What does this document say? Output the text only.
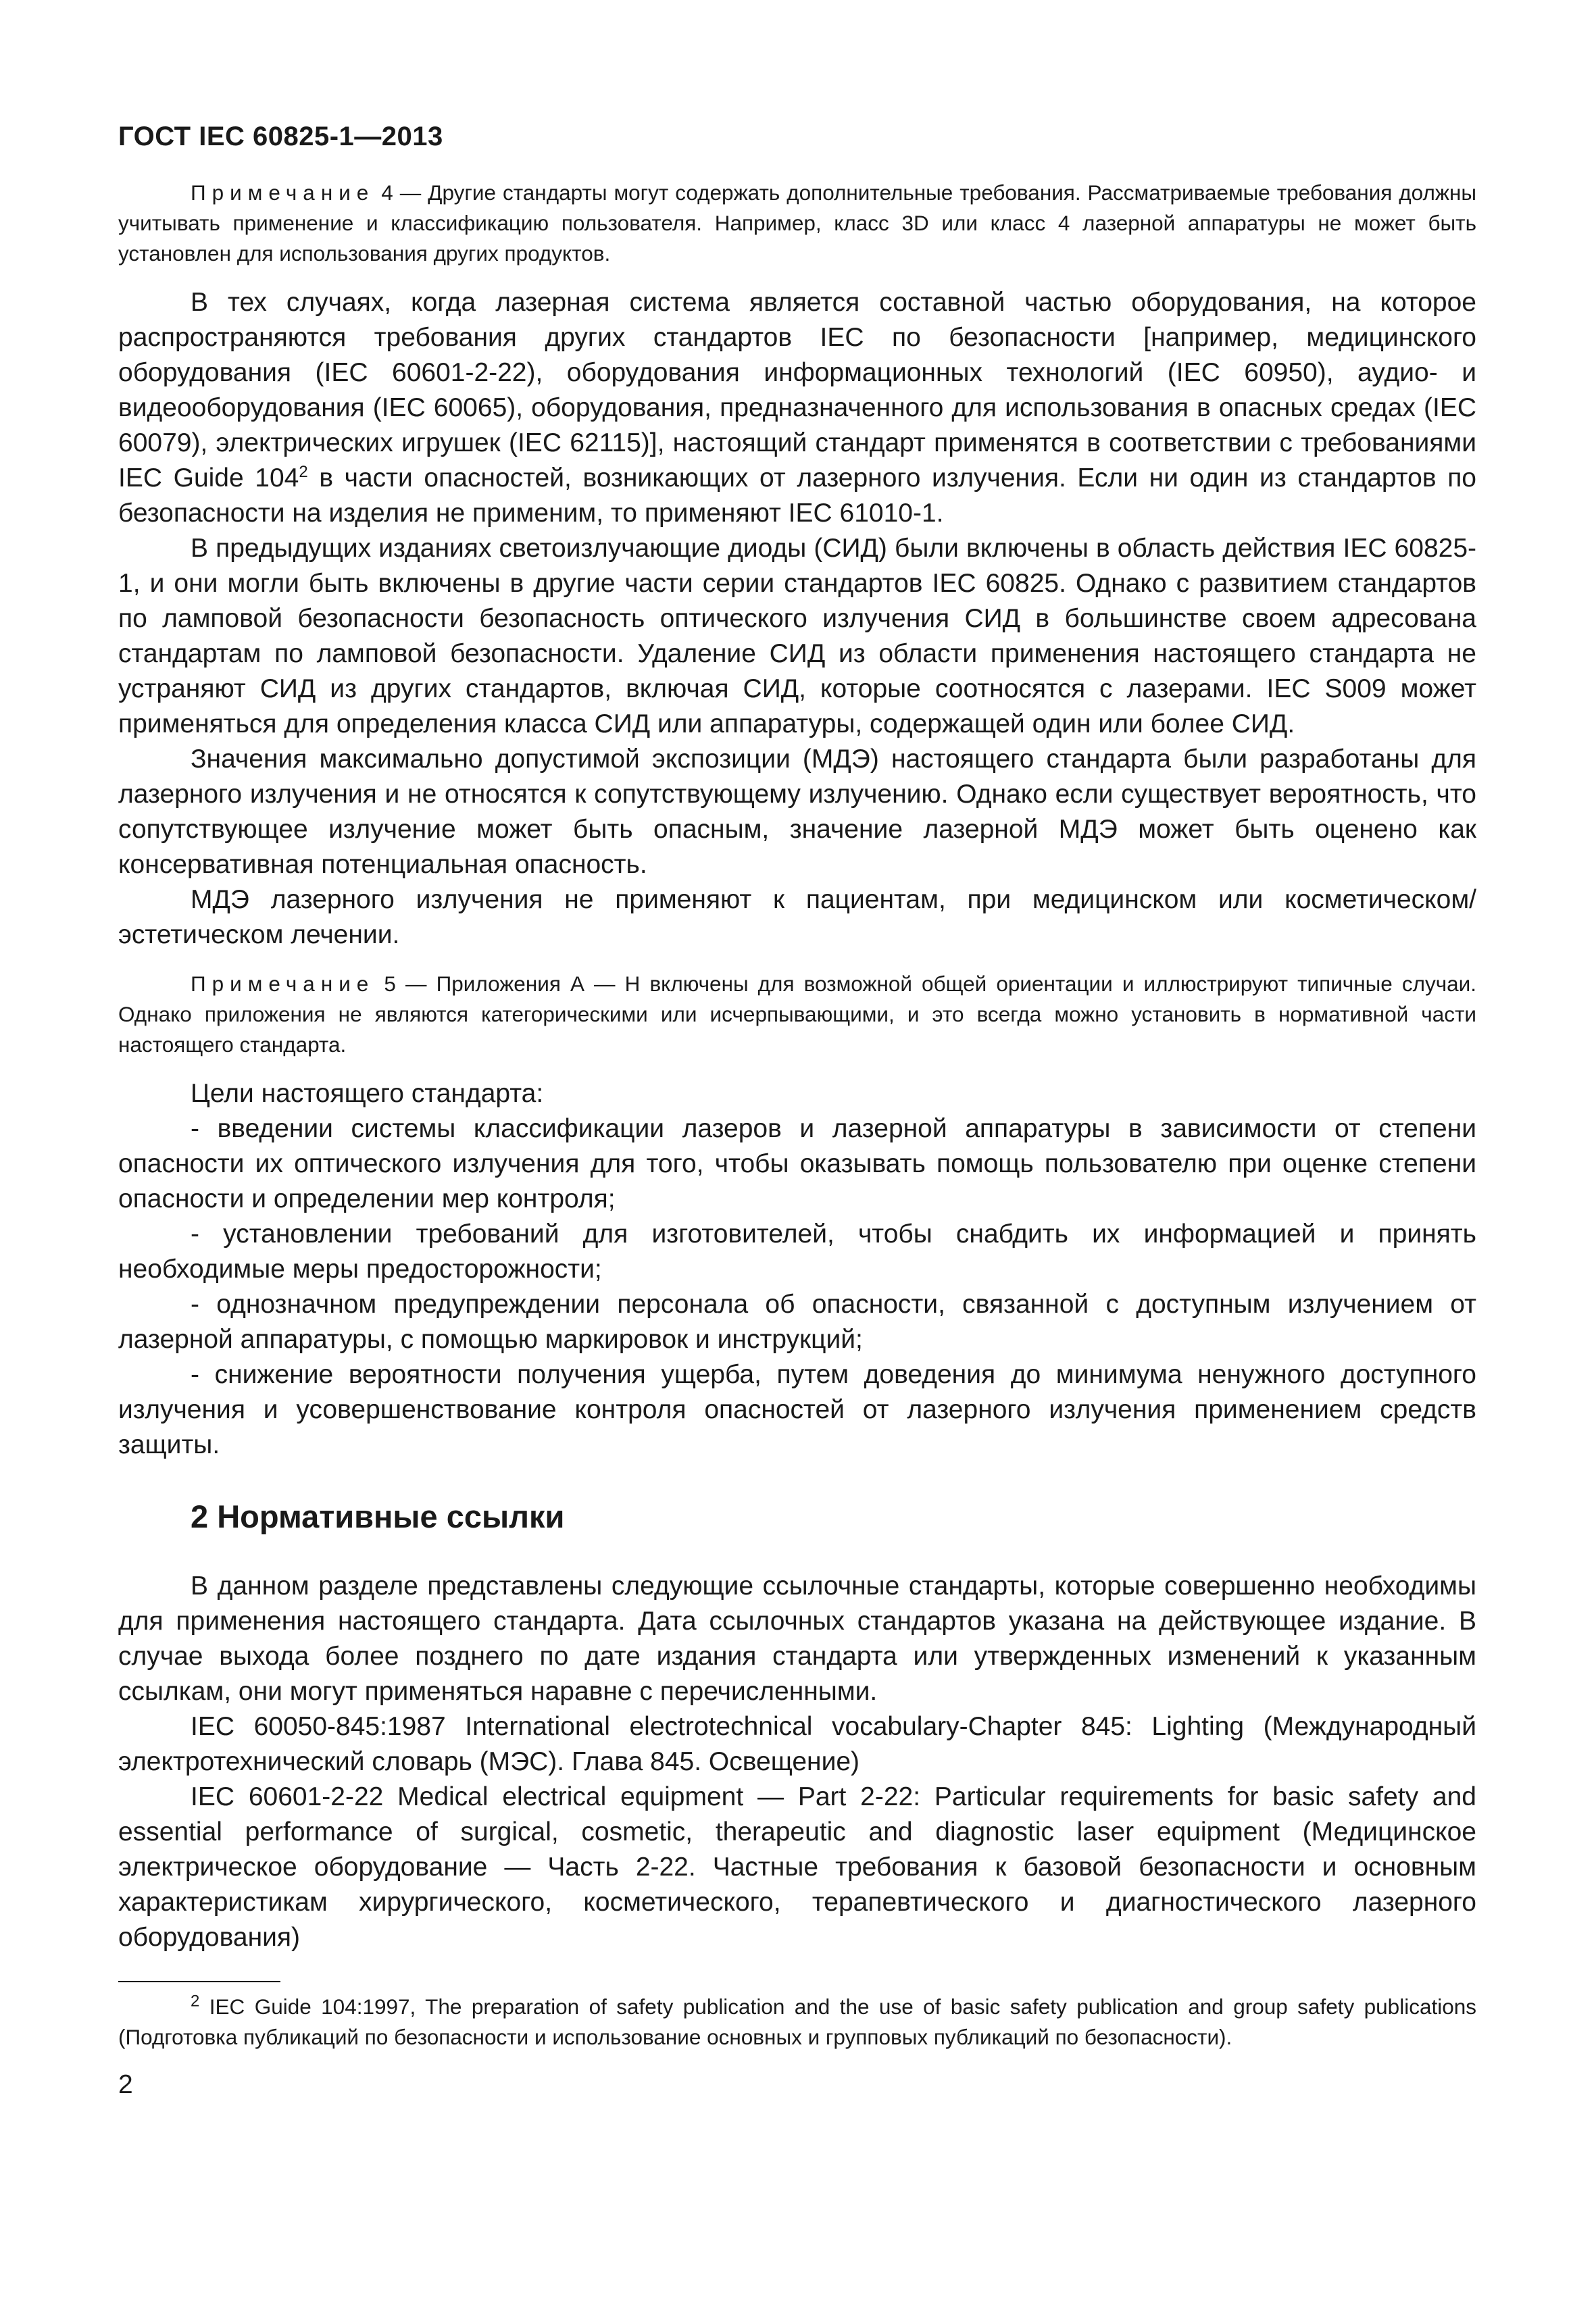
ГОСТ IEC 60825-1—2013

Примечание 4 — Другие стандарты могут содержать дополнительные требования. Рассматриваемые требования должны учитывать применение и классификацию пользователя. Например, класс 3D или класс 4 лазерной аппаратуры не может быть установлен для использования других продуктов.

В тех случаях, когда лазерная система является составной частью оборудования, на которое распространяются требования других стандартов IEC по безопасности [например, медицинского оборудования (IEC 60601-2-22), оборудования информационных технологий (IEC 60950), аудио- и видеооборудования (IEC 60065), оборудования, предназначенного для использования в опасных средах (IEC 60079), электрических игрушек (IEC 62115)], настоящий стандарт применятся в соответствии с требованиями IEC Guide $104^2$ в части опасностей, возникающих от лазерного излучения. Если ни один из стандартов по безопасности на изделия не применим, то применяют IEC 61010-1.

В предыдущих изданиях светоизлучающие диоды (СИД) были включены в область действия IEC 60825-1, и они могли быть включены в другие части серии стандартов IEC 60825. Однако с развитием стандартов по ламповой безопасности безопасность оптического излучения СИД в большинстве своем адресована стандартам по ламповой безопасности. Удаление СИД из области применения настоящего стандарта не устраняют СИД из других стандартов, включая СИД, которые соотносятся с лазерами. IEC S009 может применяться для определения класса СИД или аппаратуры, содержащей один или более СИД.

Значения максимально допустимой экспозиции (МДЭ) настоящего стандарта были разработаны для лазерного излучения и не относятся к сопутствующему излучению. Однако если существует вероятность, что сопутствующее излучение может быть опасным, значение лазерной МДЭ может быть оценено как консервативная потенциальная опасность.

МДЭ лазерного излучения не применяют к пациентам, при медицинском или косметическом/эстетическом лечении.

Примечание 5 — Приложения А — Н включены для возможной общей ориентации и иллюстрируют типичные случаи. Однако приложения не являются категорическими или исчерпывающими, и это всегда можно установить в нормативной части настоящего стандарта.

Цели настоящего стандарта:

- введении системы классификации лазеров и лазерной аппаратуры в зависимости от степени опасности их оптического излучения для того, чтобы оказывать помощь пользователю при оценке степени опасности и определении мер контроля;

- установлении требований для изготовителей, чтобы снабдить их информацией и принять необходимые меры предосторожности;

- однозначном предупреждении персонала об опасности, связанной с доступным излучением от лазерной аппаратуры, с помощью маркировок и инструкций;

- снижение вероятности получения ущерба, путем доведения до минимума ненужного доступного излучения и усовершенствование контроля опасностей от лазерного излучения применением средств защиты.

2 Нормативные ссылки

В данном разделе представлены следующие ссылочные стандарты, которые совершенно необходимы для применения настоящего стандарта. Дата ссылочных стандартов указана на действующее издание. В случае выхода более позднего по дате издания стандарта или утвержденных изменений к указанным ссылкам, они могут применяться наравне с перечисленными.

IEC 60050-845:1987 International electrotechnical vocabulary-Chapter 845: Lighting (Международный электротехнический словарь (МЭС). Глава 845. Освещение)

IEC 60601-2-22 Medical electrical equipment — Part 2-22: Particular requirements for basic safety and essential performance of surgical, cosmetic, therapeutic and diagnostic laser equipment (Медицинское электрическое оборудование — Часть 2-22. Частные требования к базовой безопасности и основным характеристикам хирургического, косметического, терапевтического и диагностического лазерного оборудования)

$^2$ IEC Guide 104:1997, The preparation of safety publication and the use of basic safety publication and group safety publications (Подготовка публикаций по безопасности и использование основных и групповых публикаций по безопасности).

2
